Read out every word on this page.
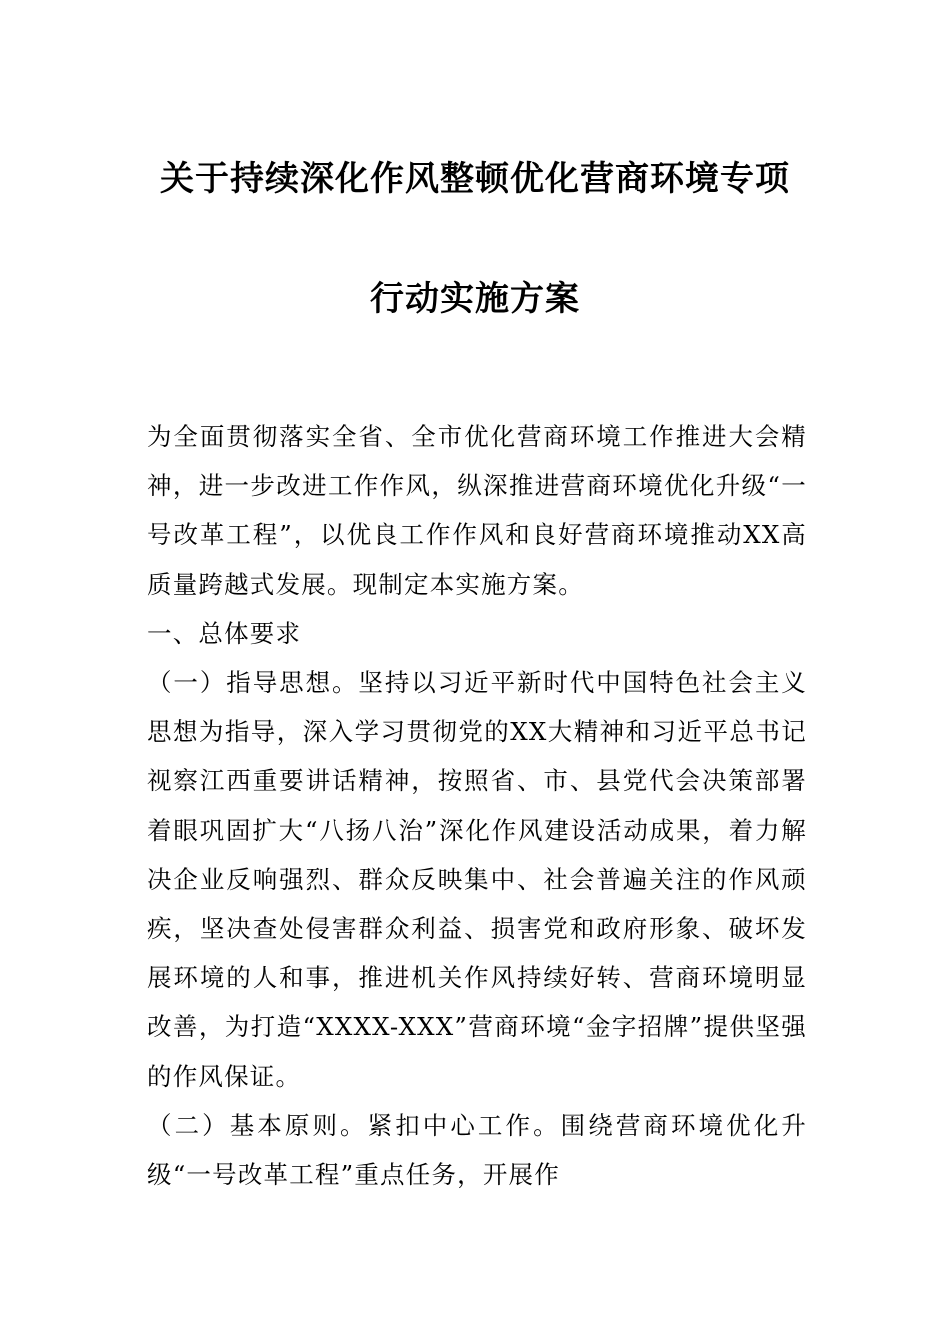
关于持续深化作风整顿优化营商环境专项
行动实施方案

为全面贯彻落实全省、全市优化营商环境工作推进大会精神，进一步改进工作作风，纵深推进营商环境优化升级“一号改革工程”，以优良工作作风和良好营商环境推动XX高质量跨越式发展。现制定本实施方案。

一、总体要求

（一）指导思想。坚持以习近平新时代中国特色社会主义思想为指导，深入学习贯彻党的XX大精神和习近平总书记视察江西重要讲话精神，按照省、市、县党代会决策部署着眼巩固扩大“八扬八治”深化作风建设活动成果，着力解决企业反响强烈、群众反映集中、社会普遍关注的作风顽疾，坚决查处侵害群众利益、损害党和政府形象、破坏发展环境的人和事，推进机关作风持续好转、营商环境明显改善，为打造“XXXX-XXX”营商环境“金字招牌”提供坚强的作风保证。

（二）基本原则。紧扣中心工作。围绕营商环境优化升级“一号改革工程”重点任务，开展作
